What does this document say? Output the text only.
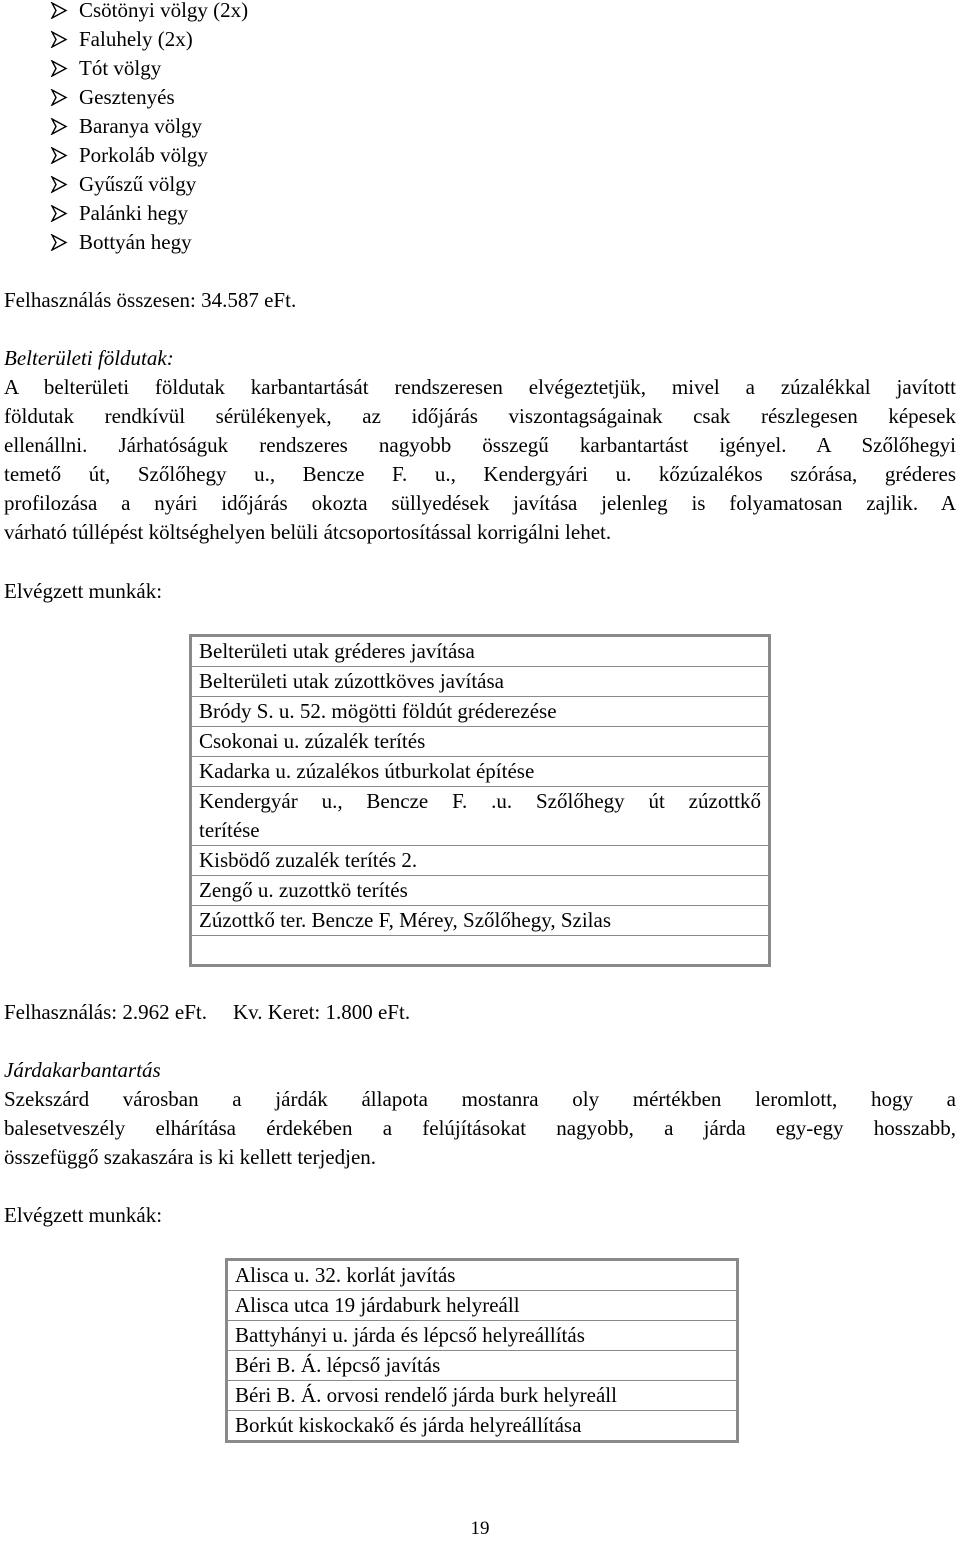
Csötönyi völgy (2x)
Faluhely (2x)
Tót völgy
Gesztenyés
Baranya völgy
Porkoláb völgy
Gyűszű völgy
Palánki hegy
Bottyán hegy
Felhasználás összesen: 34.587 eFt.
Belterületi földutak:
A belterületi földutak karbantartását rendszeresen elvégeztetjük, mivel a zúzalékkal javított
földutak rendkívül sérülékenyek, az időjárás viszontagságainak csak részlegesen képesek
ellenállni. Járhatóságuk rendszeres nagyobb összegű karbantartást igényel. A Szőlőhegyi
temető út, Szőlőhegy u., Bencze F. u., Kendergyári u. kőzúzalékos szórása, gréderes
profilozása a nyári időjárás okozta süllyedések javítása jelenleg is folyamatosan zajlik. A
várható túllépést költséghelyen belüli átcsoportosítással korrigálni lehet.
Elvégzett munkák:
Belterületi utak gréderes javítása
Belterületi utak zúzottköves javítása
Bródy S. u. 52. mögötti földút gréderezése
Csokonai u. zúzalék terítés
Kadarka u. zúzalékos útburkolat építése

Kendergyár u., Bencze F. .u. Szőlőhegy út zúzottkő
terítése
Kisbödő zuzalék terítés 2.
Zengő u. zuzottkö terítés
Zúzottkő ter. Bencze F, Mérey, Szőlőhegy, Szilas

Felhasználás: 2.962 eFt. Kv. Keret: 1.800 eFt.
Járdakarbantartás
Szekszárd városban a járdák állapota mostanra oly mértékben leromlott, hogy a
balesetveszély elhárítása érdekében a felújításokat nagyobb, a járda egy-egy hosszabb,
összefüggő szakaszára is ki kellett terjedjen.
Elvégzett munkák:
Alisca u. 32. korlát javítás
Alisca utca 19 járdaburk helyreáll
Battyhányi u. járda és lépcső helyreállítás
Béri B. Á. lépcső javítás
Béri B. Á. orvosi rendelő járda burk helyreáll
Borkút kiskockakő és járda helyreállítása
19
